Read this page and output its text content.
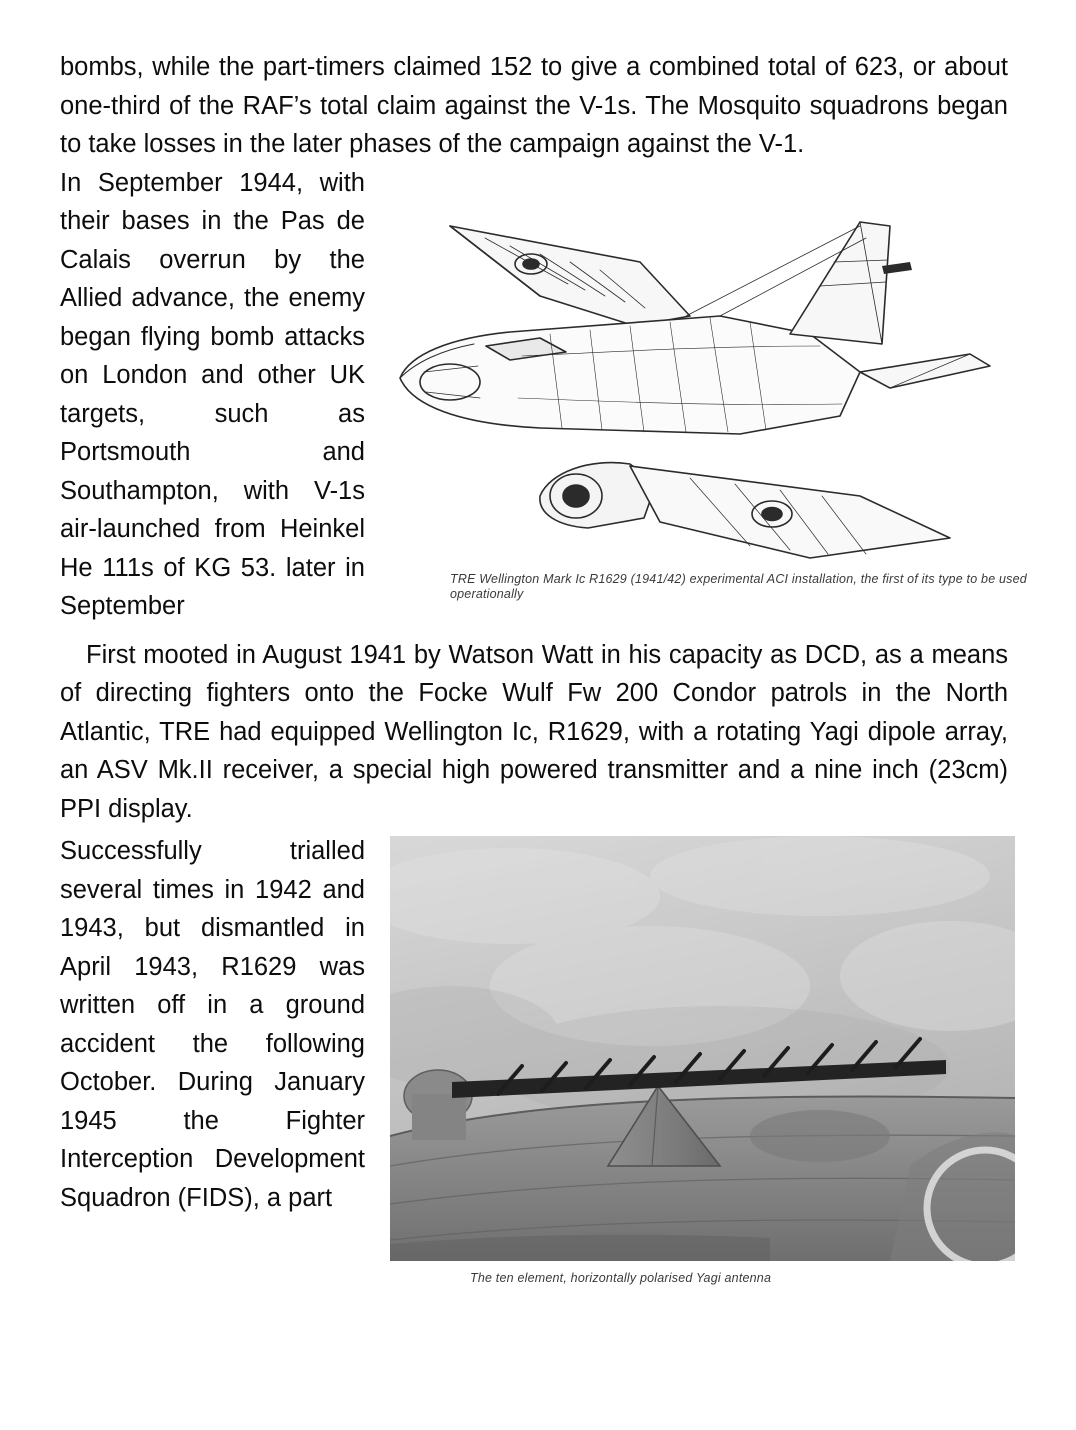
bombs, while the part-timers claimed 152 to give a combined total of 623, or about one-third of the RAF’s total claim against the V-1s. The Mosquito squadrons began to take losses in the later phases of the campaign against the V-1.

In September 1944, with their bases in the Pas de Calais overrun by the Allied advance, the enemy began flying bomb attacks on London and other UK targets, such as Portsmouth and Southampton, with V-1s air-launched from Heinkel He 111s of KG 53. later in September

TRE Wellington Mark Ic R1629 (1941/42) experimental ACI installation, the first of its type to be used operationally

First mooted in August 1941 by Watson Watt in his capacity as DCD, as a means of directing fighters onto the Focke Wulf Fw 200 Condor patrols in the North Atlantic, TRE had equipped Wellington Ic, R1629, with a rotating Yagi dipole array, an ASV Mk.II receiver, a special high powered transmitter and a nine inch (23cm) PPI display.

Successfully trialled several times in 1942 and 1943, but dismantled in April 1943, R1629 was written off in a ground accident the following October. During January 1945 the Fighter Interception Development Squadron (FIDS), a part

The ten element, horizontally polarised Yagi antenna
